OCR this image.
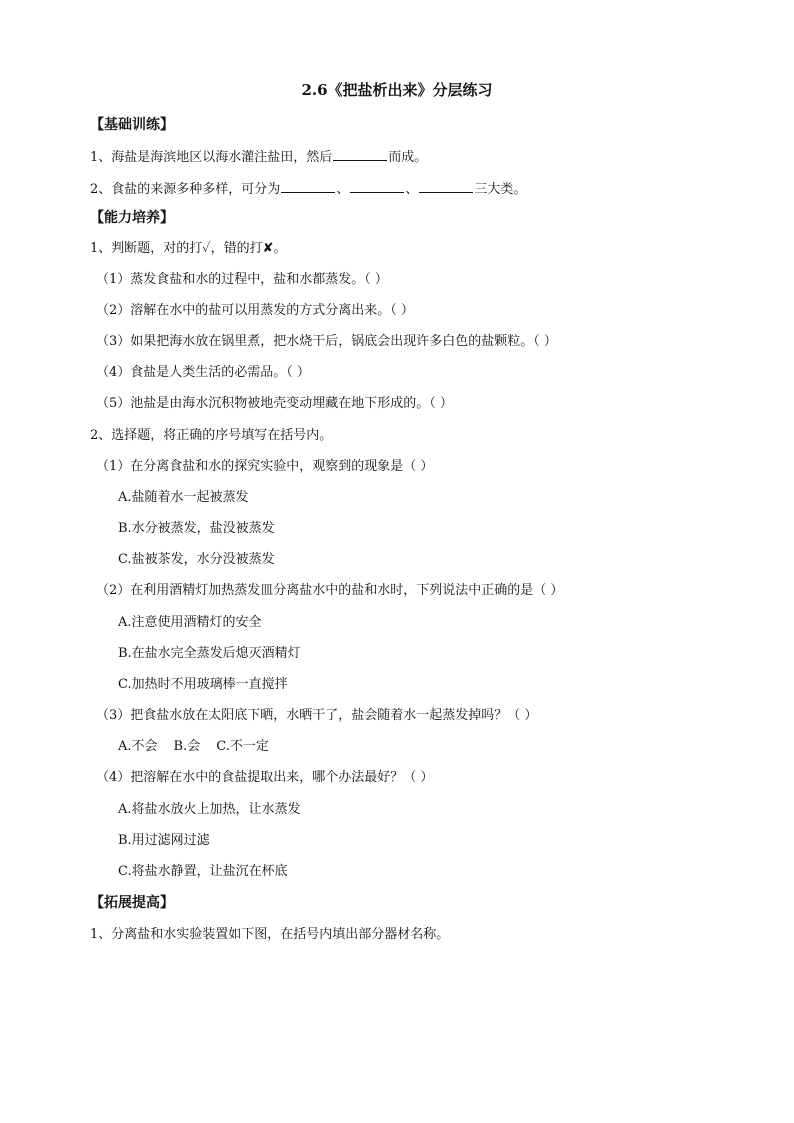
2.6《把盐析出来》分层练习
【基础训练】
1、海盐是海滨地区以海水灌注盐田，然后	而成。
2、食盐的来源多种多样，可分为	、	、	三大类。
【能力培养】
1、判断题，对的打✓，错的打✘。
（1）蒸发食盐和水的过程中，盐和水都蒸发。（ ）
（2）溶解在水中的盐可以用蒸发的方式分离出来。（ ）
（3）如果把海水放在锅里煮，把水烧干后，锅底会出现许多白色的盐颗粒。（ ）
（4）食盐是人类生活的必需品。（ ）
（5）池盐是由海水沉积物被地壳变动埋藏在地下形成的。（ ）
2、选择题，将正确的序号填写在括号内。
（1）在分离食盐和水的探究实验中，观察到的现象是（ ）
A.盐随着水一起被蒸发
B.水分被蒸发，盐没被蒸发
C.盐被茶发，水分没被蒸发
（2）在利用酒精灯加热蒸发皿分离盐水中的盐和水时，下列说法中正确的是（ ）
A.注意使用酒精灯的安全
B.在盐水完全蒸发后熄灭酒精灯
C.加热时不用玻璃棒一直搅拌
（3）把食盐水放在太阳底下晒，水晒干了，盐会随着水一起蒸发掉吗？（ ）
A.不会 B.会 C.不一定
（4）把溶解在水中的食盐提取出来，哪个办法最好？（ ）
A.将盐水放火上加热，让水蒸发
B.用过滤网过滤
C.将盐水静置，让盐沉在杯底
【拓展提高】
1、分离盐和水实验装置如下图，在括号内填出部分器材名称。
